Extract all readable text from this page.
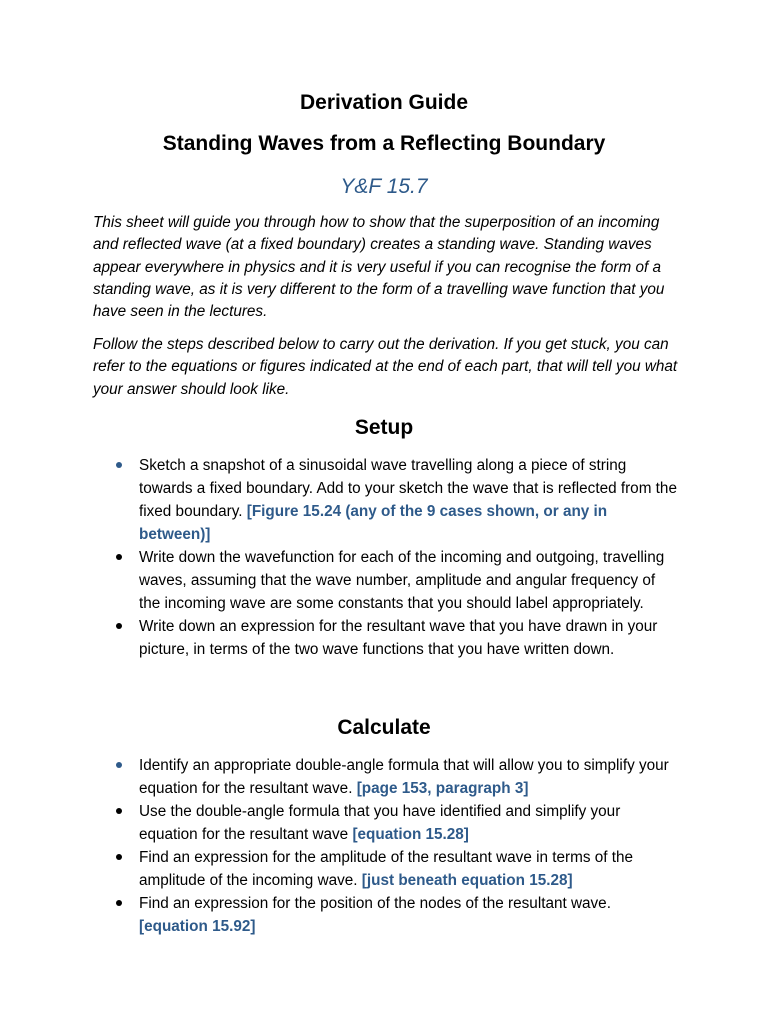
Derivation Guide
Standing Waves from a Reflecting Boundary
Y&F 15.7

This sheet will guide you through how to show that the superposition of an incoming and reflected wave (at a fixed boundary) creates a standing wave. Standing waves appear everywhere in physics and it is very useful if you can recognise the form of a standing wave, as it is very different to the form of a travelling wave function that you have seen in the lectures.

Follow the steps described below to carry out the derivation. If you get stuck, you can refer to the equations or figures indicated at the end of each part, that will tell you what your answer should look like.

Setup
Sketch a snapshot of a sinusoidal wave travelling along a piece of string towards a fixed boundary. Add to your sketch the wave that is reflected from the fixed boundary. [Figure 15.24 (any of the 9 cases shown, or any in between)]
Write down the wavefunction for each of the incoming and outgoing, travelling waves, assuming that the wave number, amplitude and angular frequency of the incoming wave are some constants that you should label appropriately.
Write down an expression for the resultant wave that you have drawn in your picture, in terms of the two wave functions that you have written down.
Calculate
Identify an appropriate double-angle formula that will allow you to simplify your equation for the resultant wave. [page 153, paragraph 3]
Use the double-angle formula that you have identified and simplify your equation for the resultant wave [equation 15.28]
Find an expression for the amplitude of the resultant wave in terms of the amplitude of the incoming wave. [just beneath equation 15.28]
Find an expression for the position of the nodes of the resultant wave. [equation 15.92]
